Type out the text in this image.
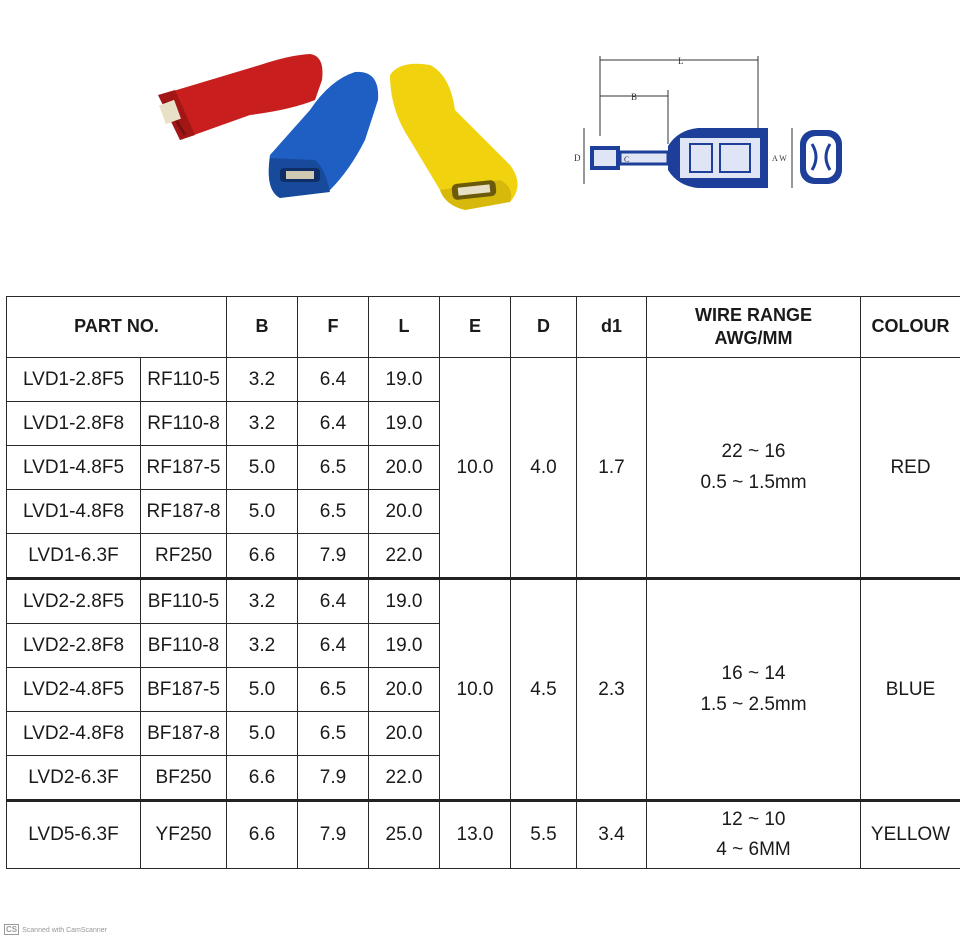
L
B
D	C	A W
PART NO.		B	F	L	E	D	d1	WIRE RANGE
AWG/MM	COLOUR
LVD1-2.8F5	RF110-5	3.2	6.4	19.0	10.0	4.0	1.7	22 ~ 16
0.5 ~ 1.5mm	RED
LVD1-2.8F8	RF110-8	3.2	6.4	19.0					
LVD1-4.8F5	RF187-5	5.0	6.5	20.0					
LVD1-4.8F8	RF187-8	5.0	6.5	20.0					
LVD1-6.3F	RF250	6.6	7.9	22.0					
LVD2-2.8F5	BF110-5	3.2	6.4	19.0	10.0	4.5	2.3	16 ~ 14
1.5 ~ 2.5mm	BLUE
LVD2-2.8F8	BF110-8	3.2	6.4	19.0					
LVD2-4.8F5	BF187-5	5.0	6.5	20.0					
LVD2-4.8F8	BF187-8	5.0	6.5	20.0					
LVD2-6.3F	BF250	6.6	7.9	22.0					
LVD5-6.3F	YF250	6.6	7.9	25.0	13.0	5.5	3.4	12 ~ 10
4 ~ 6MM	YELLOW
CS Scanned with CamScanner
